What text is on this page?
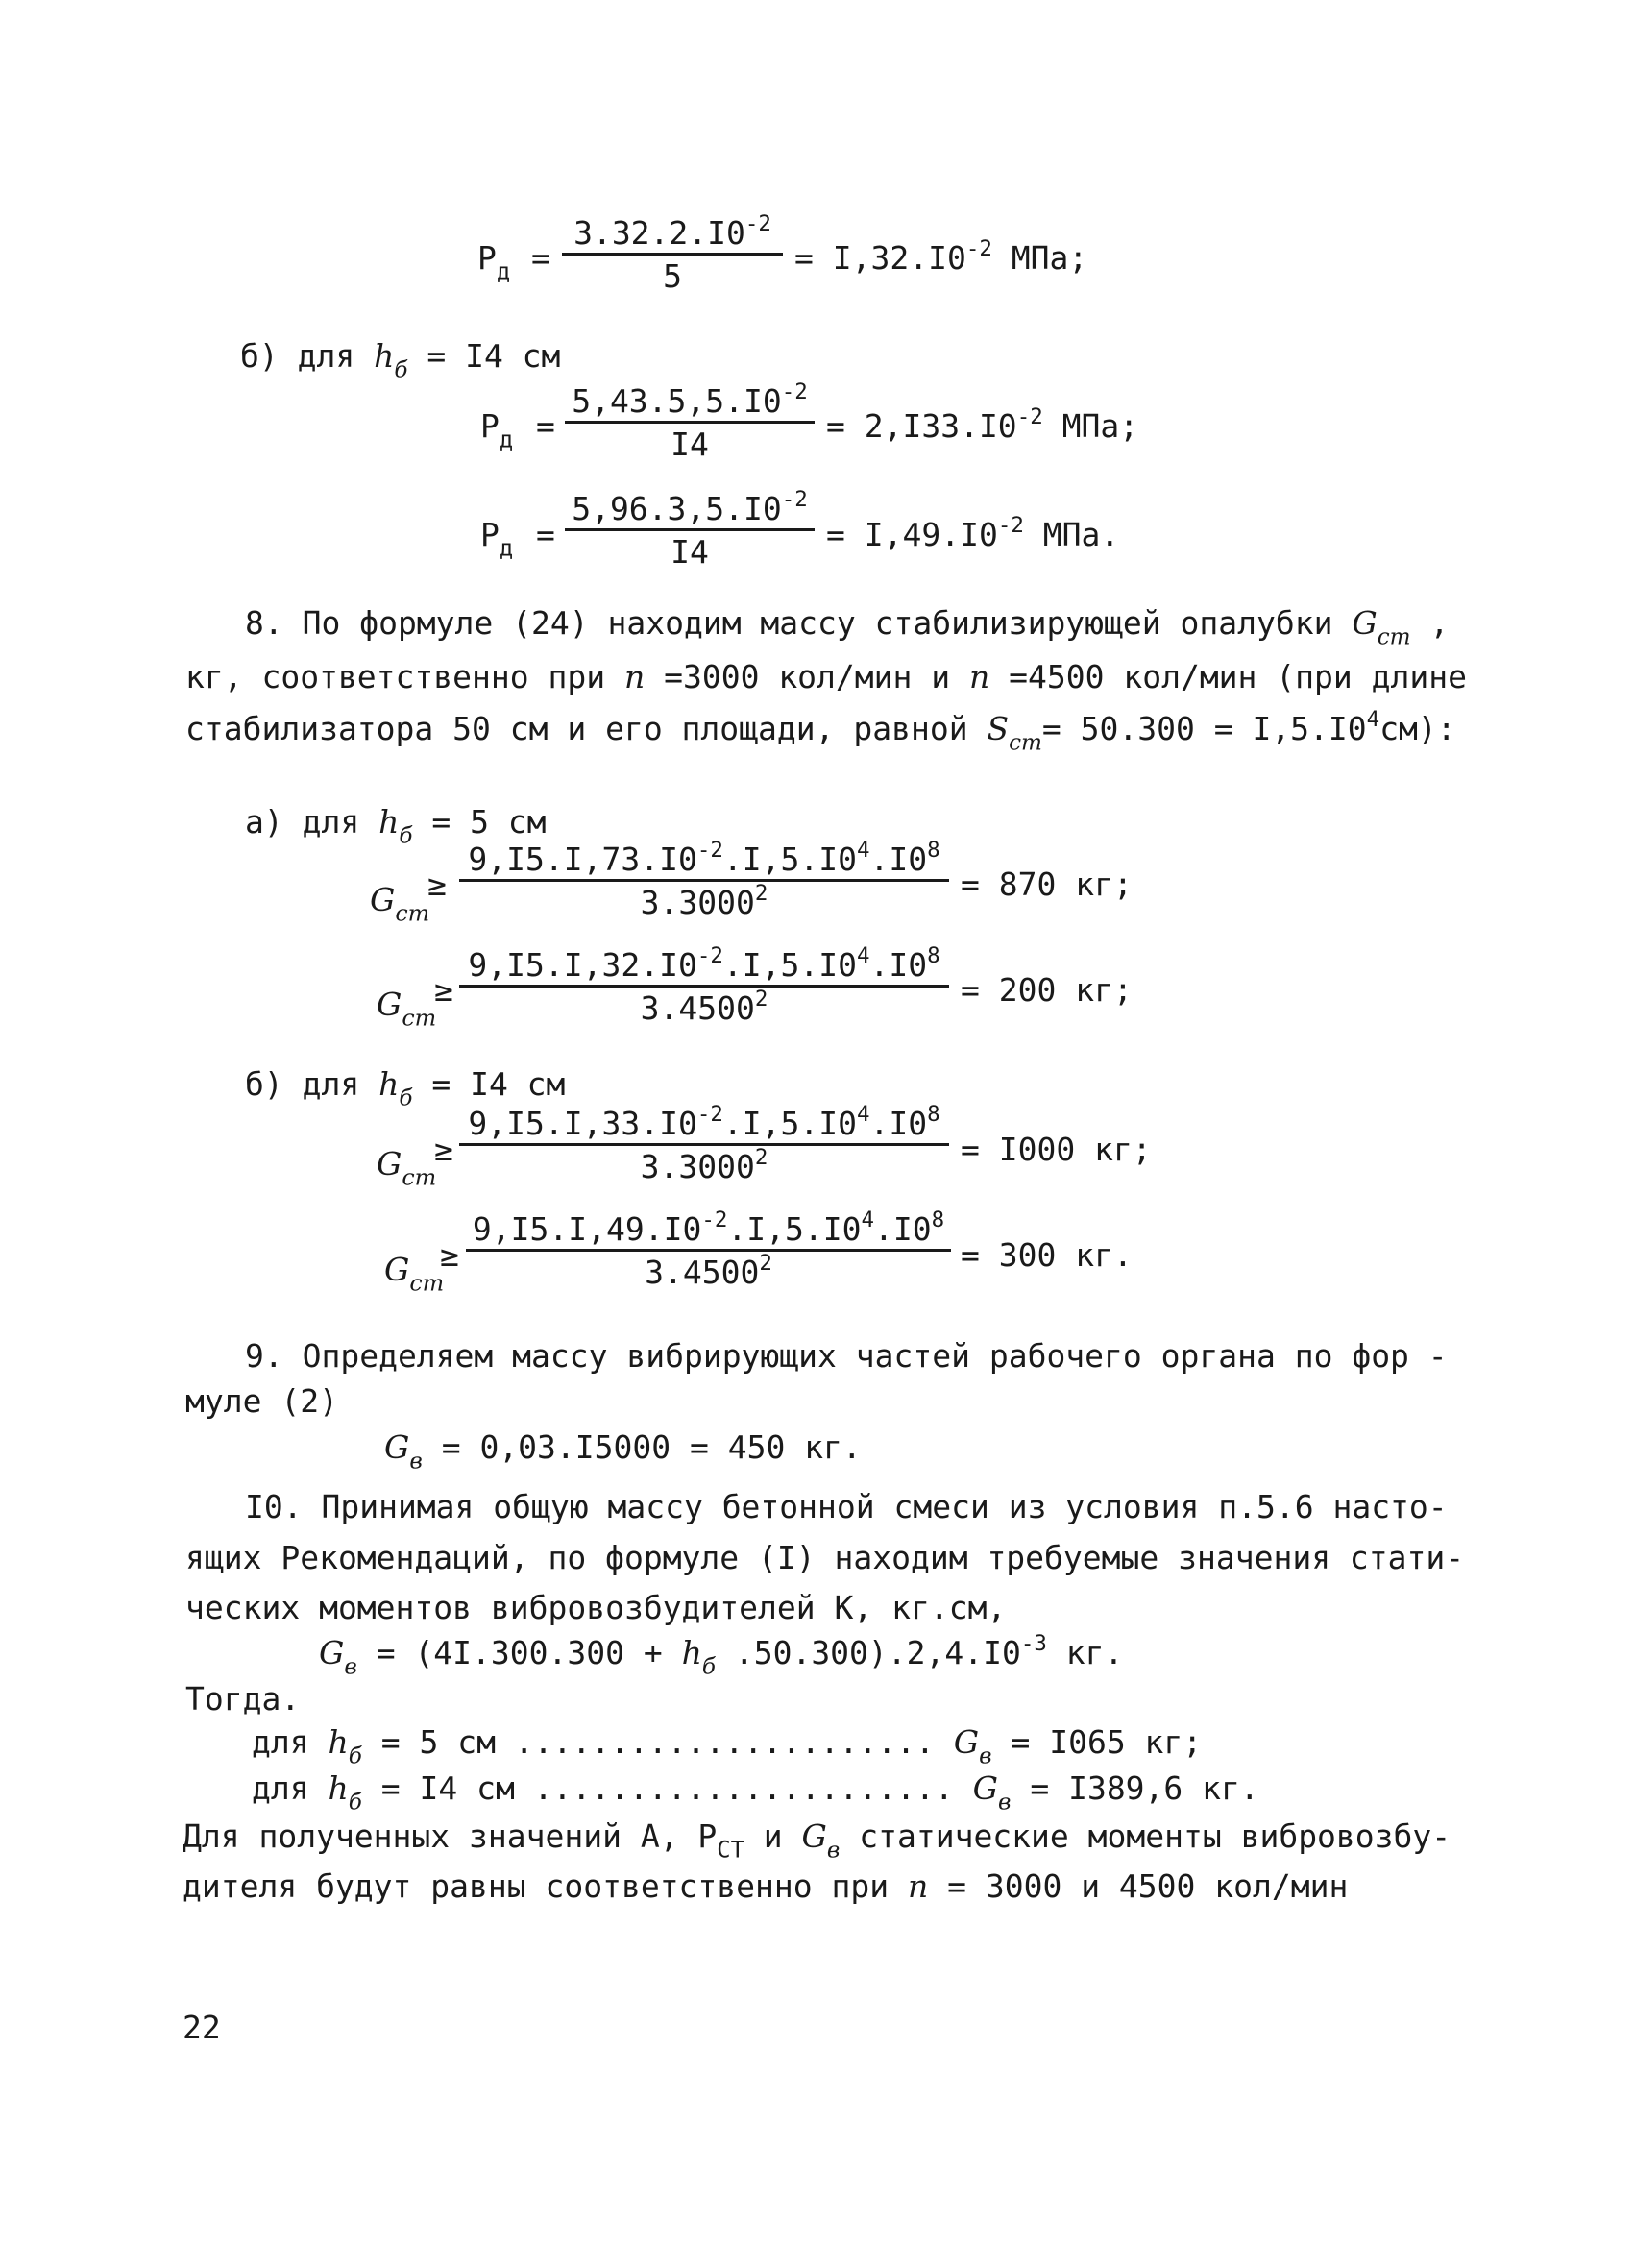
$P_д = \frac{3.32.2.I0^{-2}}{5} = I,32.I0^{-2}$ МПа;
б) для $h_б = I4$ см
$P_д = \frac{5,43.5,5.I0^{-2}}{I4} = 2,I33.I0^{-2}$ МПа;
$P_д = \frac{5,96.3,5.I0^{-2}}{I4} = I,49.I0^{-2}$ МПа.
8. По формуле (24) находим массу стабилизирующей опалубки $G_{cm}$ ,
кг, соответственно при n =3000 кол/мин и n =4500 кол/мин (при длине
стабилизатора 50 см и его площади, равной $S_{cm}= 50.300 = I,5.I0^4см$):
а) для $h_б = 5$ см
$G_{cm}$
≥ $\frac{9,I5.I,73.I0^{-2}.I,5.I0^4.I0^8}{3.3000^2} = 870$ кг;
$G_{cm}$
≥ $\frac{9,I5.I,32.I0^{-2}.I,5.I0^4.I0^8}{3.4500^2} = 200$ кг;
б) для $h_б = I4$ см
$G_{cm}$
≥ $\frac{9,I5.I,33.I0^{-2}.I,5.I0^4.I0^8}{3.3000^2} = I000$ кг;
$G_{cm}$
≥ $\frac{9,I5.I,49.I0^{-2}.I,5.I0^4.I0^8}{3.4500^2} = 300$ кг.
9. Определяем массу вибрирующих частей рабочего органа по фор -
муле (2)
$G_в = 0,03.I5000 = 450$ кг.
I0. Принимая общую массу бетонной смеси из условия п.5.6 насто-
ящих Рекомендаций, по формуле (I) находим требуемые значения стати-
ческих моментов вибровозбудителей К, кг.см,
$G_в = (4I.300.300 + h_б$ $.50.300).2,4.I0^{-3}$ кг.
Тогда.
для $h_б = 5$ см ...................... $G_в = I065$ кг;
для $h_б = I4$ см ...................... $G_в = I389,6$ кг.
Для полученных значений А, $P_{CT}$ и $G_в$ статические моменты вибровозбу-
дителя будут равны соответственно при n = 3000 и 4500 кол/мин
22
